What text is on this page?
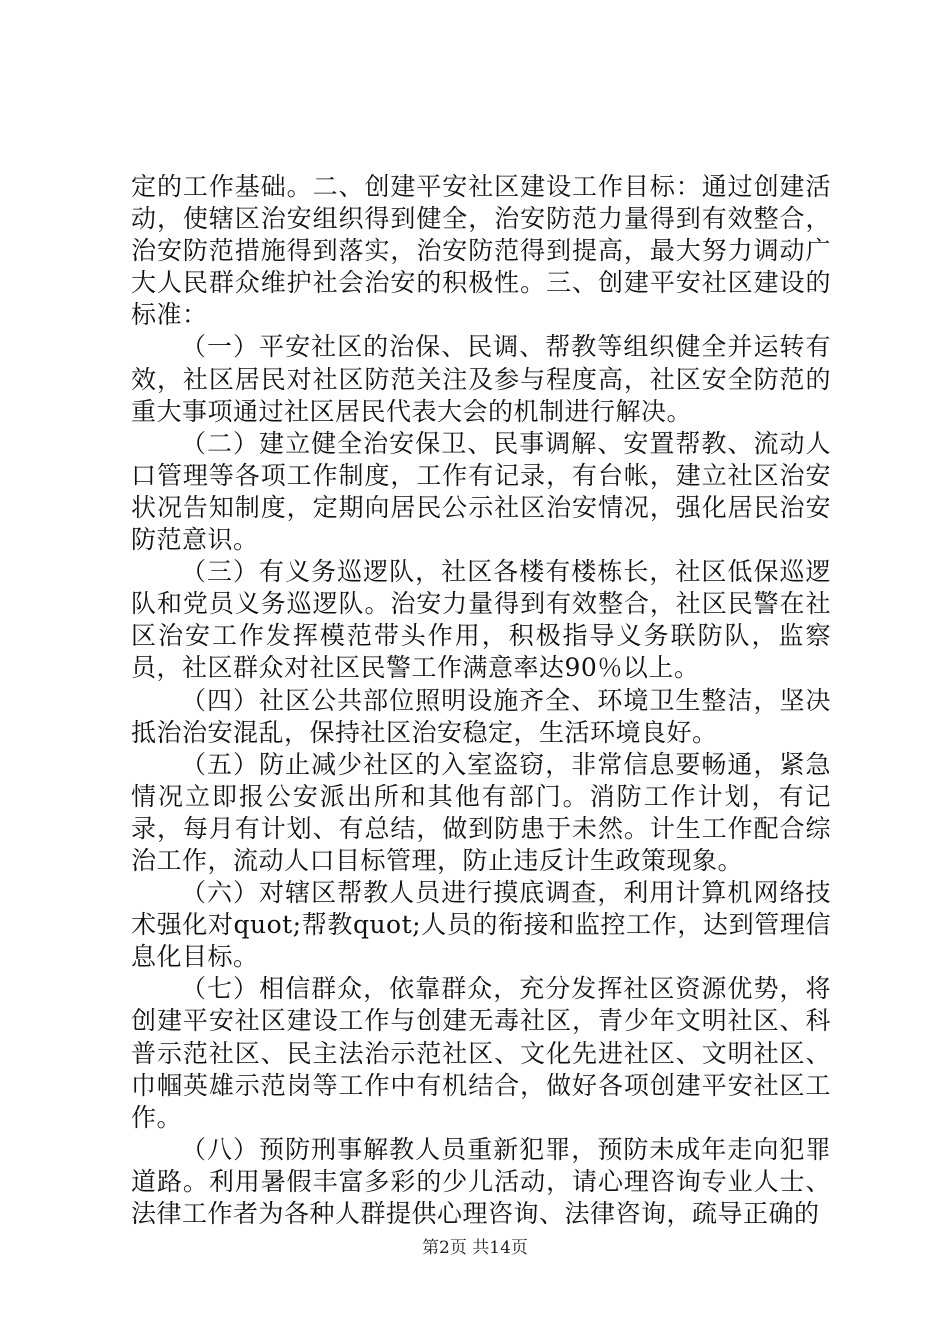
定的工作基础。二、创建平安社区建设工作目标：通过创建活动，使辖区治安组织得到健全，治安防范力量得到有效整合，治安防范措施得到落实，治安防范得到提高，最大努力调动广大人民群众维护社会治安的积极性。三、创建平安社区建设的标准：

（一）平安社区的治保、民调、帮教等组织健全并运转有效，社区居民对社区防范关注及参与程度高，社区安全防范的重大事项通过社区居民代表大会的机制进行解决。

（二）建立健全治安保卫、民事调解、安置帮教、流动人口管理等各项工作制度，工作有记录，有台帐，建立社区治安状况告知制度，定期向居民公示社区治安情况，强化居民治安防范意识。

（三）有义务巡逻队，社区各楼有楼栋长，社区低保巡逻队和党员义务巡逻队。治安力量得到有效整合，社区民警在社区治安工作发挥模范带头作用，积极指导义务联防队，监察员，社区群众对社区民警工作满意率达90％以上。

（四）社区公共部位照明设施齐全、环境卫生整洁，坚决抵治治安混乱，保持社区治安稳定，生活环境良好。

（五）防止减少社区的入室盗窃，非常信息要畅通，紧急情况立即报公安派出所和其他有部门。消防工作计划，有记录，每月有计划、有总结，做到防患于未然。计生工作配合综治工作，流动人口目标管理，防止违反计生政策现象。

（六）对辖区帮教人员进行摸底调查，利用计算机网络技术强化对quot;帮教quot;人员的衔接和监控工作，达到管理信息化目标。

（七）相信群众，依靠群众，充分发挥社区资源优势，将创建平安社区建设工作与创建无毒社区，青少年文明社区、科普示范社区、民主法治示范社区、文化先进社区、文明社区、巾帼英雄示范岗等工作中有机结合，做好各项创建平安社区工作。

（八）预防刑事解教人员重新犯罪，预防未成年走向犯罪道路。利用暑假丰富多彩的少儿活动，请心理咨询专业人士、法律工作者为各种人群提供心理咨询、法律咨询，疏导正确的

第2页 共14页
